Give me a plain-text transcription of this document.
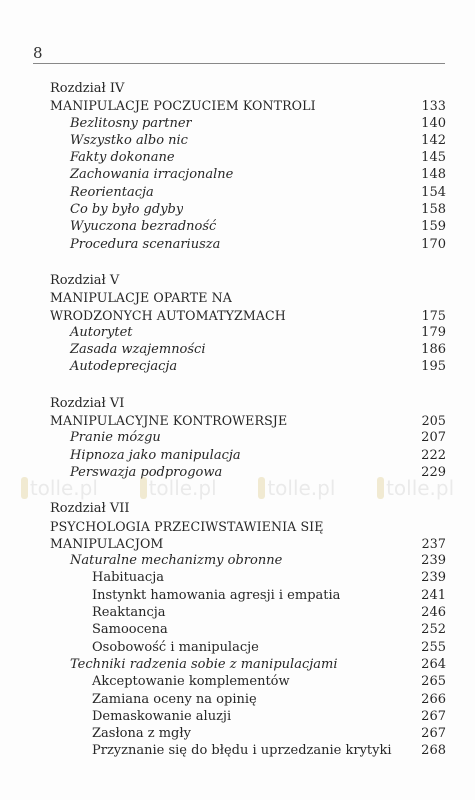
8
tolle.pl	tolle.pl	tolle.pl	tolle.pl
Rozdział IV
MANIPULACJE POCZUCIEM KONTROLI	133
Bezlitosny partner	140
Wszystko albo nic	142
Fakty dokonane	145
Zachowania irracjonalne	148
Reorientacja	154
Co by było gdyby	158
Wyuczona bezradność	159
Procedura scenariusza	170
Rozdział V
MANIPULACJE OPARTE NA
WRODZONYCH AUTOMATYZMACH	175
Autorytet	179
Zasada wzajemności	186
Autodeprecjacja	195
Rozdział VI
MANIPULACYJNE KONTROWERSJE	205
Pranie mózgu	207
Hipnoza jako manipulacja	222
Perswazja podprogowa	229
Rozdział VII
PSYCHOLOGIA PRZECIWSTAWIENIA SIĘ
MANIPULACJOM	237
Naturalne mechanizmy obronne	239
Habituacja	239
Instynkt hamowania agresji i empatia	241
Reaktancja	246
Samoocena	252
Osobowość i manipulacje	255
Techniki radzenia sobie z manipulacjami	264
Akceptowanie komplementów	265
Zamiana oceny na opinię	266
Demaskowanie aluzji	267
Zasłona z mgły	267
Przyznanie się do błędu i uprzedzanie krytyki	268
